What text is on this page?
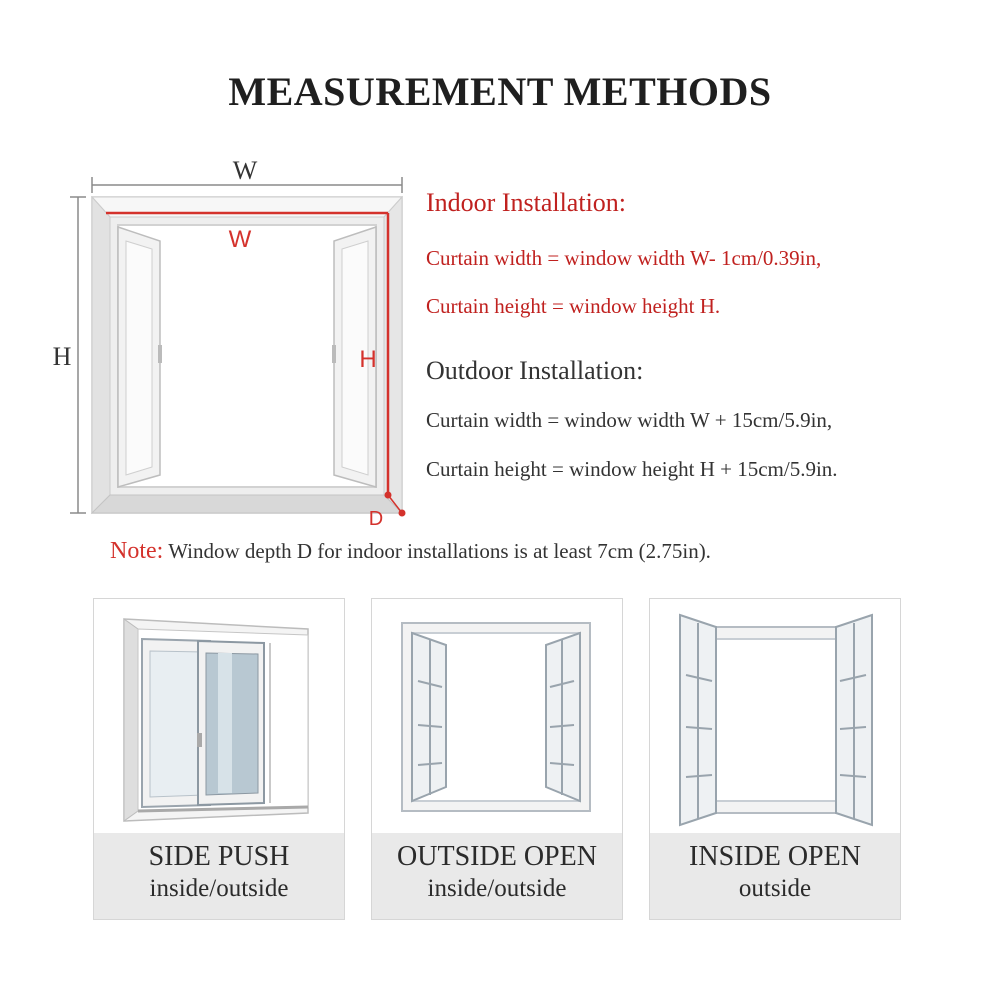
MEASUREMENT METHODS
W
H
W
H
D
Indoor Installation:
Curtain width = window width W- 1cm/0.39in,
Curtain height = window height H.
Outdoor Installation:
Curtain width = window width W + 15cm/5.9in,
Curtain height = window height H + 15cm/5.9in.
Note: Window depth D for indoor installations is at least 7cm (2.75in).
SIDE PUSH
inside/outside
OUTSIDE OPEN
inside/outside
INSIDE OPEN
outside
